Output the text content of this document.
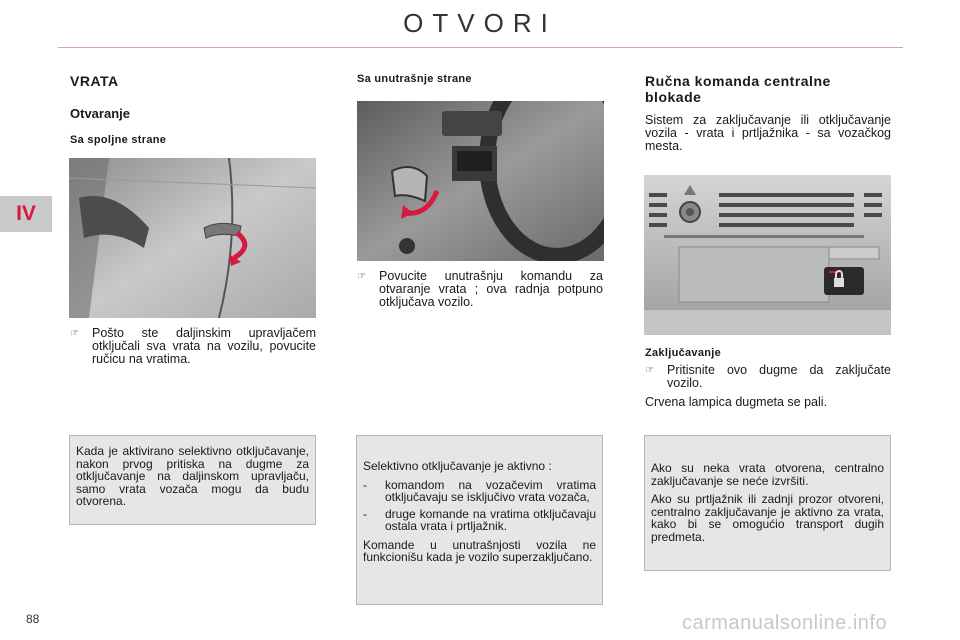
OTVORI
IV
VRATA
Otvaranje
Sa spoljne strane
☞	Pošto ste daljinskim upravljačem otključali sva vrata na vozilu, povucite ručicu na vratima.

Kada je aktivirano selektivno otključavanje, nakon prvog pritiska na dugme za otključavanje na daljinskom upravljaču, samo vrata vozača mogu da budu otvorena.

Sa unutrašnje strane
☞	Povucite unutrašnju komandu za otvaranje vrata ; ova radnja potpuno otključava vozilo.

Selektivno otključavanje je aktivno :

-	komandom na vozačevim vratima otključavaju se isključivo vrata vozača,
-	druge komande na vratima otključavaju ostala vrata i prtljažnik.

Komande u unutrašnjosti vozila ne funkcionišu kada je vozilo superzaključano.

Ručna komanda centralne blokade
Sistem za zaključavanje ili otključavanje vozila - vrata i prtljažnika - sa vozačkog mesta.
Zaključavanje
☞	Pritisnite ovo dugme da zaključate vozilo.
Crvena lampica dugmeta se pali.

Ako su neka vrata otvorena, centralno zaključavanje se neće izvršiti.

Ako su prtljažnik ili zadnji prozor otvoreni, centralno zaključavanje je aktivno za vrata, kako bi se omogućio transport dugih predmeta.

88	carmanualsonline.info
